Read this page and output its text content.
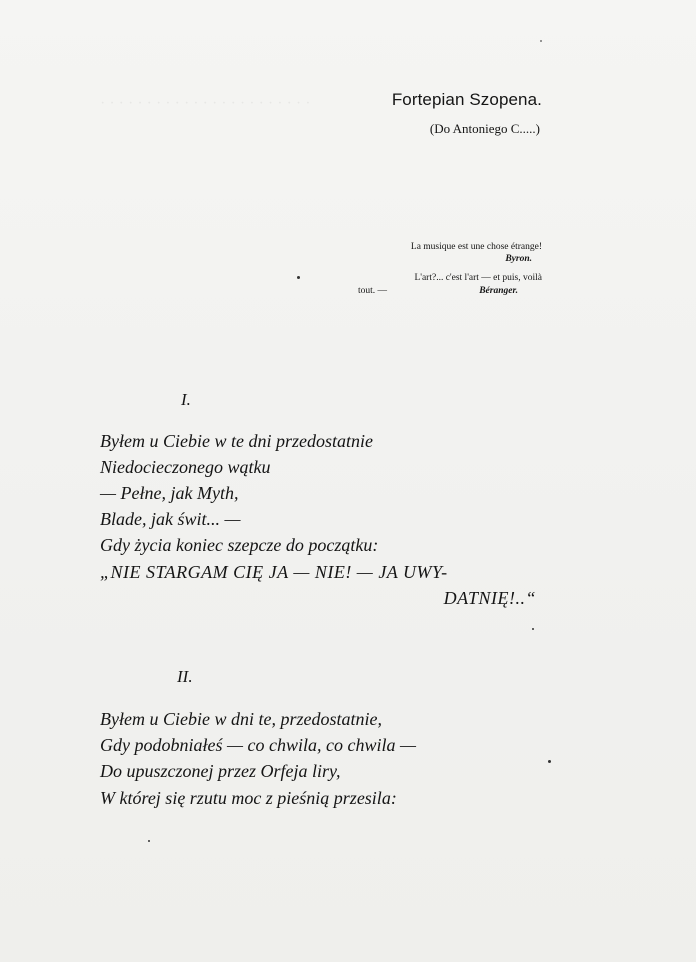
· · · · · · · · · · · · · · · · · · · · · · ·	Fortepian Szopena.
(Do Antoniego C.....)
La musique est une chose étrange!
Byron.
L'art?... c'est l'art — et puis, voilà
tout. —	Béranger.
I.
Byłem u Ciebie w te dni przedostatnie
Niedocieczonego wątku
— Pełne, jak Myth,
Blade, jak świt... —
Gdy życia koniec szepcze do początku:
„NIE STARGAM CIĘ JA — NIE! — JA UWY-
DATNIĘ!..“
II.
Byłem u Ciebie w dni te, przedostatnie,
Gdy podobniałeś — co chwila, co chwila —
Do upuszczonej przez Orfeja liry,
W której się rzutu moc z pieśnią przesila:
